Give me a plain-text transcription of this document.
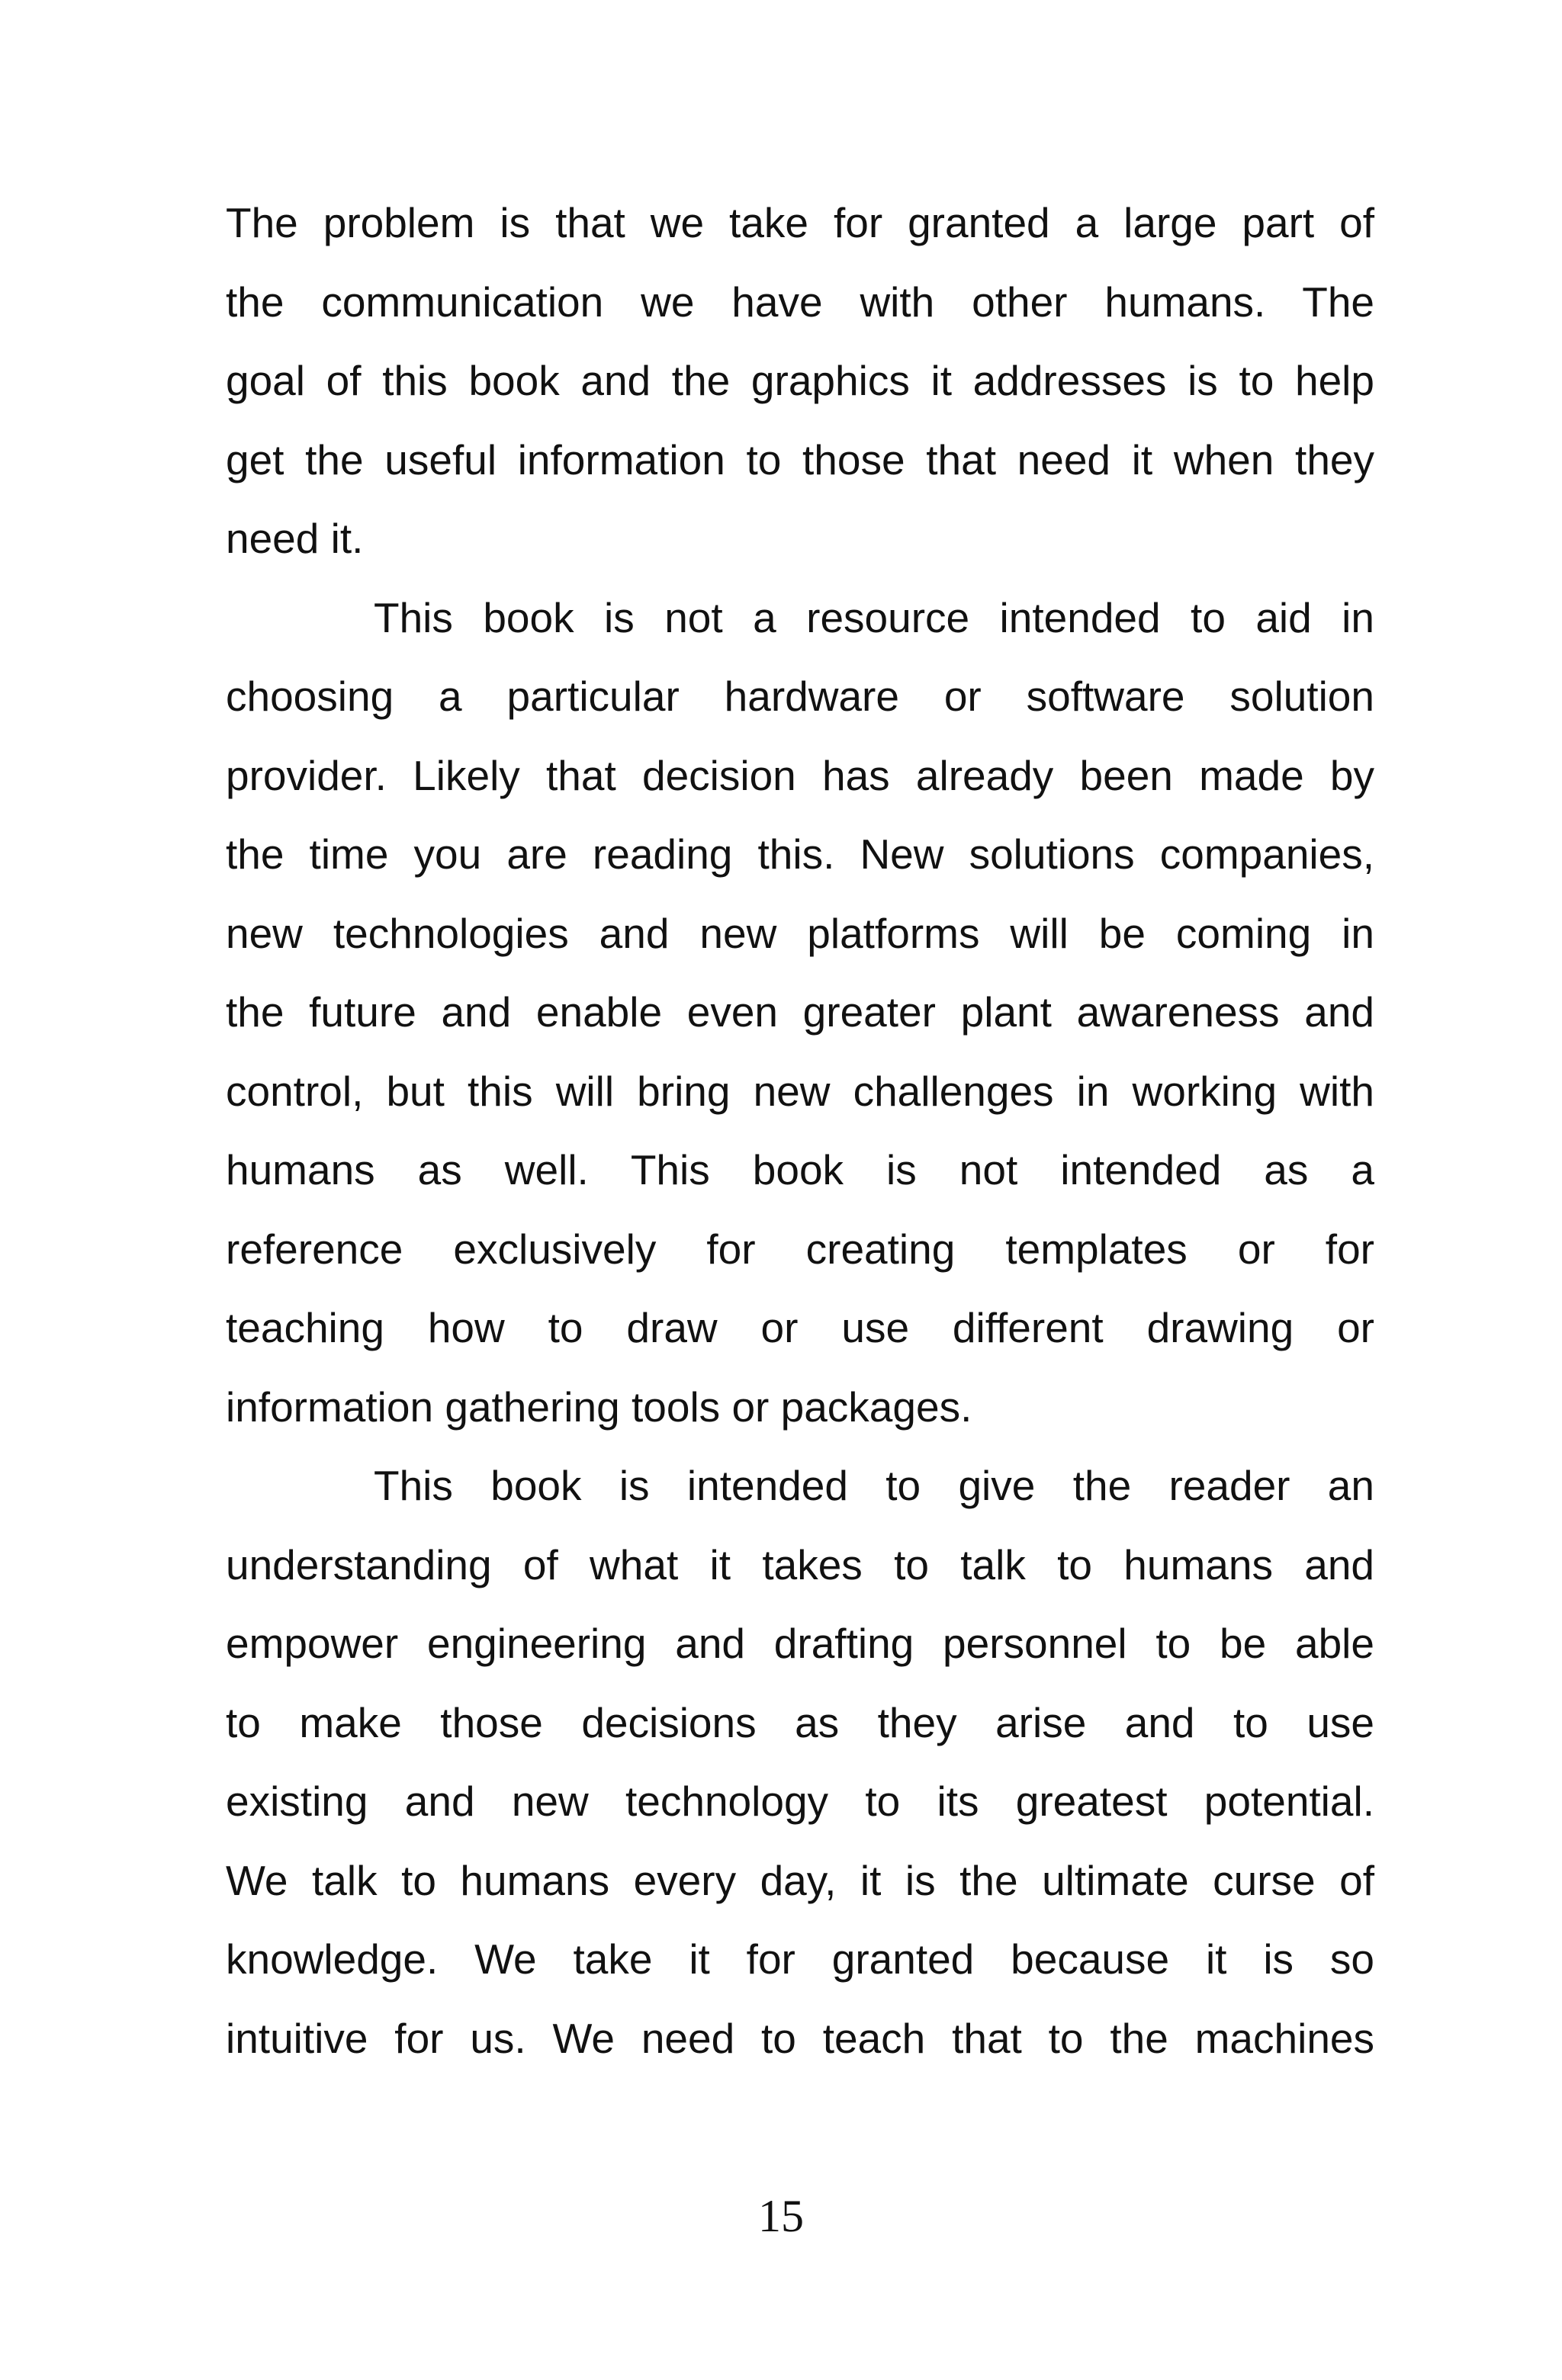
The problem is that we take for granted a large part of
the communication we have with other humans. The
goal of this book and the graphics it addresses is to help
get the useful information to those that need it when they
need it.
This book is not a resource intended to aid in
choosing a particular hardware or software solution
provider. Likely that decision has already been made by
the time you are reading this. New solutions companies,
new technologies and new platforms will be coming in
the future and enable even greater plant awareness and
control, but this will bring new challenges in working with
humans as well. This book is not intended as a
reference exclusively for creating templates or for
teaching how to draw or use different drawing or
information gathering tools or packages.
This book is intended to give the reader an
understanding of what it takes to talk to humans and
empower engineering and drafting personnel to be able
to make those decisions as they arise and to use
existing and new technology to its greatest potential.
We talk to humans every day, it is the ultimate curse of
knowledge. We take it for granted because it is so
intuitive for us. We need to teach that to the machines
15
